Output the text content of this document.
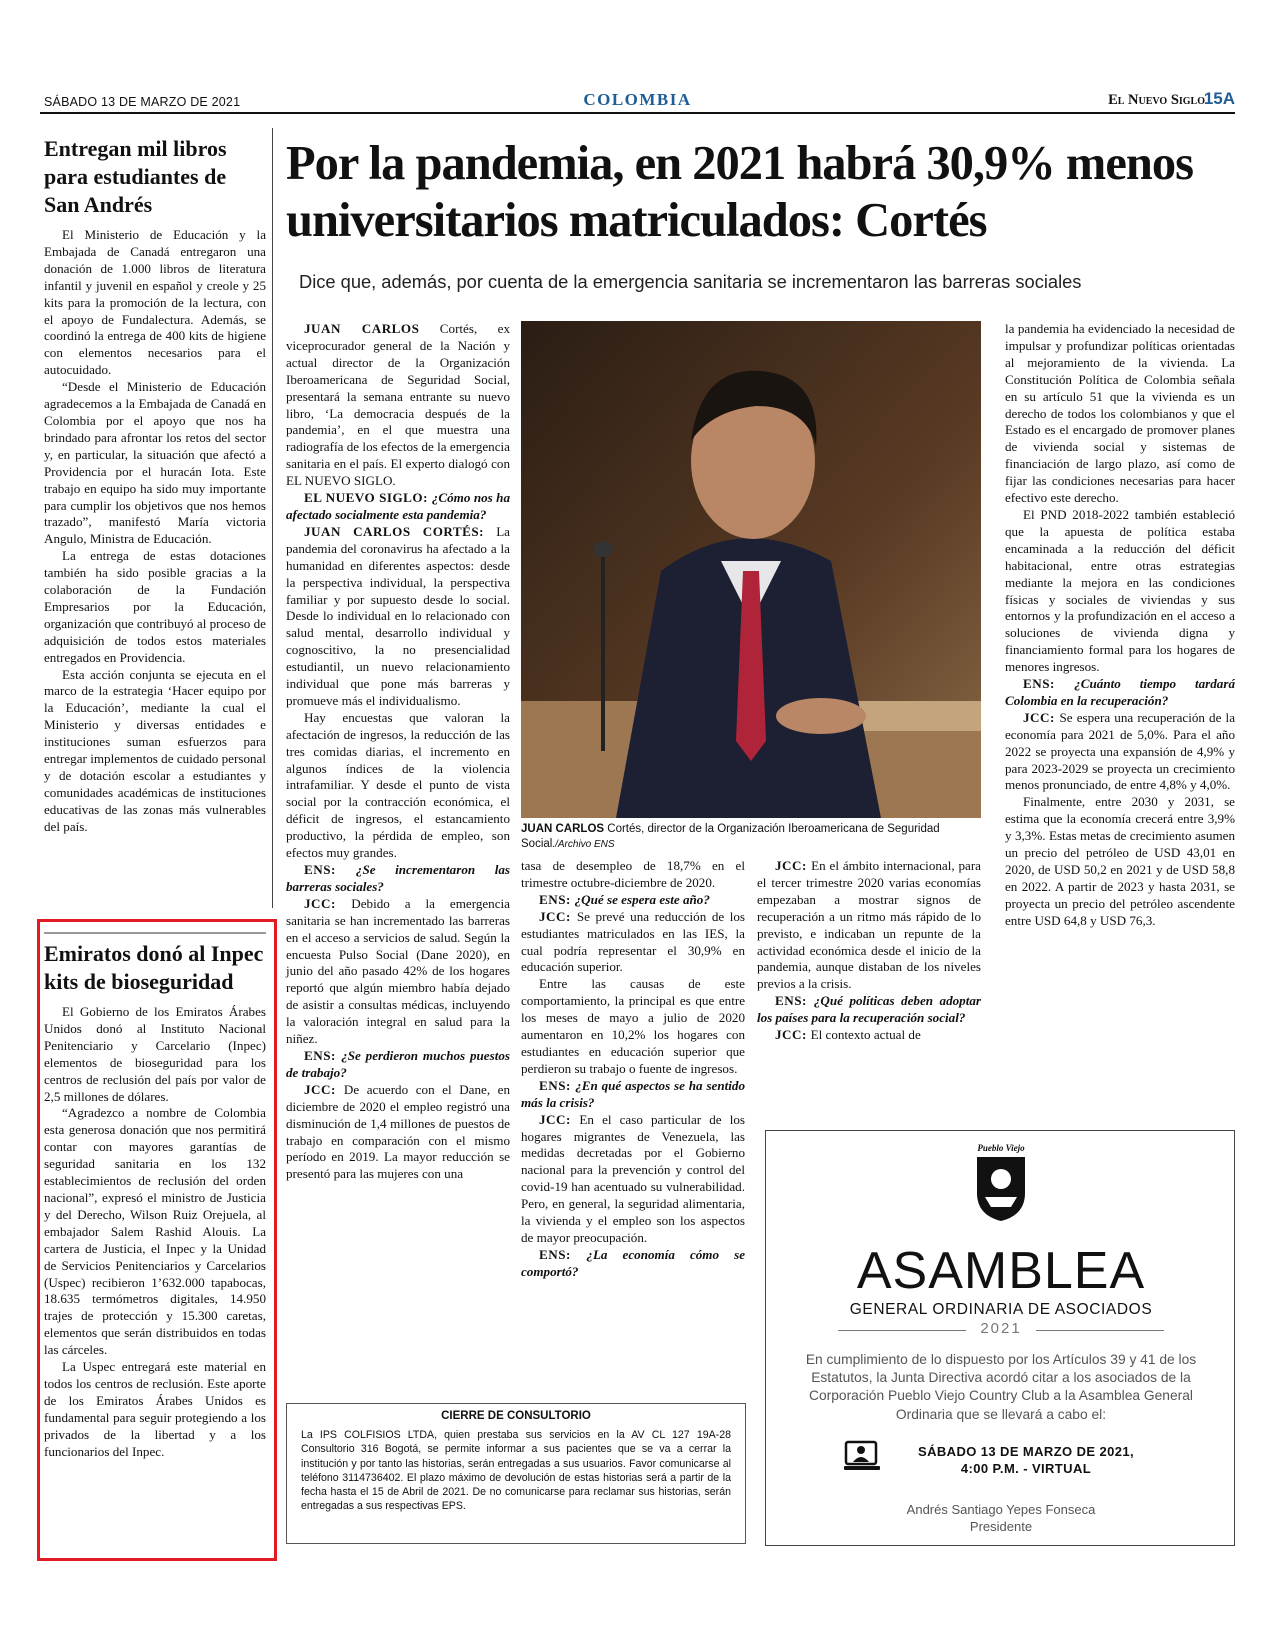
SÁBADO 13 DE MARZO DE 2021	COLOMBIA	El Nuevo Siglo
15A
Entregan mil libros para estudiantes de San Andrés

El Ministerio de Educación y la Embajada de Canadá entregaron una donación de 1.000 libros de literatura infantil y juvenil en español y creole y 25 kits para la promoción de la lectura, con el apoyo de Fundalectura. Además, se coordinó la entrega de 400 kits de higiene con elementos necesarios para el autocuidado.

“Desde el Ministerio de Educación agradecemos a la Embajada de Canadá en Colombia por el apoyo que nos ha brindado para afrontar los retos del sector y, en particular, la situación que afectó a Providencia por el huracán Iota. Este trabajo en equipo ha sido muy importante para cumplir los objetivos que nos hemos trazado”, manifestó María victoria Angulo, Ministra de Educación.

La entrega de estas dotaciones también ha sido posible gracias a la colaboración de la Fundación Empresarios por la Educación, organización que contribuyó al proceso de adquisición de todos estos materiales entregados en Providencia.

Esta acción conjunta se ejecuta en el marco de la estrategia ‘Hacer equipo por la Educación’, mediante la cual el Ministerio y diversas entidades e instituciones suman esfuerzos para entregar implementos de cuidado personal y de dotación escolar a estudiantes y comunidades académicas de instituciones educativas de las zonas más vulnerables del país.

Emiratos donó al Inpec kits de bioseguridad

El Gobierno de los Emiratos Árabes Unidos donó al Instituto Nacional Penitenciario y Carcelario (Inpec) elementos de bioseguridad para los centros de reclusión del país por valor de 2,5 millones de dólares.

“Agradezco a nombre de Colombia esta generosa donación que nos permitirá contar con mayores garantías de seguridad sanitaria en los 132 establecimientos de reclusión del orden nacional”, expresó el ministro de Justicia y del Derecho, Wilson Ruiz Orejuela, al embajador Salem Rashid Alouis. La cartera de Justicia, el Inpec y la Unidad de Servicios Penitenciarios y Carcelarios (Uspec) recibieron 1’632.000 tapabocas, 18.635 termómetros digitales, 14.950 trajes de protección y 15.300 caretas, elementos que serán distribuidos en todas las cárceles.

La Uspec entregará este material en todos los centros de reclusión. Este aporte de los Emiratos Árabes Unidos es fundamental para seguir protegiendo a los privados de la libertad y a los funcionarios del Inpec.

Por la pandemia, en 2021 habrá 30,9% menos universitarios matriculados: Cortés
Dice que, además, por cuenta de la emergencia sanitaria se incrementaron las barreras sociales

JUAN CARLOS Cortés, ex viceprocurador general de la Nación y actual director de la Organización Iberoamericana de Seguridad Social, presentará la semana entrante su nuevo libro, ‘La democracia después de la pandemia’, en el que muestra una radiografía de los efectos de la emergencia sanitaria en el país. El experto dialogó con EL NUEVO SIGLO.

EL NUEVO SIGLO: ¿Cómo nos ha afectado socialmente esta pandemia?

JUAN CARLOS CORTÉS: La pandemia del coronavirus ha afectado a la humanidad en diferentes aspectos: desde la perspectiva individual, la perspectiva familiar y por supuesto desde lo social. Desde lo individual en lo relacionado con salud mental, desarrollo individual y cognoscitivo, la no presencialidad estudiantil, un nuevo relacionamiento individual que pone más barreras y promueve más el individualismo.

Hay encuestas que valoran la afectación de ingresos, la reducción de las tres comidas diarias, el incremento en algunos índices de la violencia intrafamiliar. Y desde el punto de vista social por la contracción económica, el déficit de ingresos, el estancamiento productivo, la pérdida de empleo, son efectos muy grandes.

ENS: ¿Se incrementaron las barreras sociales?

JCC: Debido a la emergencia sanitaria se han incrementado las barreras en el acceso a servicios de salud. Según la encuesta Pulso Social (Dane 2020), en junio del año pasado 42% de los hogares reportó que algún miembro había dejado de asistir a consultas médicas, incluyendo la valoración integral en salud para la niñez.

ENS: ¿Se perdieron muchos puestos de trabajo?

JCC: De acuerdo con el Dane, en diciembre de 2020 el empleo registró una disminución de 1,4 millones de puestos de trabajo en comparación con el mismo período en 2019. La mayor reducción se presentó para las mujeres con una

JUAN CARLOS Cortés, director de la Organización Iberoamericana de Seguridad Social./Archivo ENS

tasa de desempleo de 18,7% en el trimestre octubre-diciembre de 2020.

ENS: ¿Qué se espera este año?

JCC: Se prevé una reducción de los estudiantes matriculados en las IES, la cual podría representar el 30,9% en educación superior.

Entre las causas de este comportamiento, la principal es que entre los meses de mayo a julio de 2020 aumentaron en 10,2% los hogares con estudiantes en educación superior que perdieron su trabajo o fuente de ingresos.

ENS: ¿En qué aspectos se ha sentido más la crisis?

JCC: En el caso particular de los hogares migrantes de Venezuela, las medidas decretadas por el Gobierno nacional para la prevención y control del covid-19 han acentuado su vulnerabilidad. Pero, en general, la seguridad alimentaria, la vivienda y el empleo son los aspectos de mayor preocupación.

ENS: ¿La economía cómo se comportó?

JCC: En el ámbito internacional, para el tercer trimestre 2020 varias economías empezaban a mostrar signos de recuperación a un ritmo más rápido de lo previsto, e indicaban un repunte de la actividad económica desde el inicio de la pandemia, aunque distaban de los niveles previos a la crisis.

ENS: ¿Qué políticas deben adoptar los países para la recuperación social?

JCC: El contexto actual de

la pandemia ha evidenciado la necesidad de impulsar y profundizar políticas orientadas al mejoramiento de la vivienda. La Constitución Política de Colombia señala en su artículo 51 que la vivienda es un derecho de todos los colombianos y que el Estado es el encargado de promover planes de vivienda social y sistemas de financiación de largo plazo, así como de fijar las condiciones necesarias para hacer efectivo este derecho.

El PND 2018-2022 también estableció que la apuesta de política estaba encaminada a la reducción del déficit habitacional, entre otras estrategias mediante la mejora en las condiciones físicas y sociales de viviendas y sus entornos y la profundización en el acceso a soluciones de vivienda digna y financiamiento formal para los hogares de menores ingresos.

ENS: ¿Cuánto tiempo tardará Colombia en la recuperación?

JCC: Se espera una recuperación de la economía para 2021 de 5,0%. Para el año 2022 se proyecta una expansión de 4,9% y para 2023-2029 se proyecta un crecimiento menos pronunciado, de entre 4,8% y 4,0%.

Finalmente, entre 2030 y 2031, se estima que la economía crecerá entre 3,9% y 3,3%. Estas metas de crecimiento asumen un precio del petróleo de USD 43,01 en 2020, de USD 50,2 en 2021 y de USD 58,8 en 2022. A partir de 2023 y hasta 2031, se proyecta un precio del petróleo ascendente entre USD 64,8 y USD 76,3.

CIERRE DE CONSULTORIO

La IPS COLFISIOS LTDA, quien prestaba sus servicios en la AV CL 127 19A-28 Consultorio 316 Bogotá, se permite informar a sus pacientes que se va a cerrar la institución y por tanto las historias, serán entregadas a sus usuarios. Favor comunicarse al teléfono 3114736402. El plazo máximo de devolución de estas historias será a partir de la fecha hasta el 15 de Abril de 2021. De no comunicarse para reclamar sus historias, serán entregadas a sus respectivas EPS.

Pueblo Viejo
ASAMBLEA
GENERAL ORDINARIA DE ASOCIADOS
2021
En cumplimiento de lo dispuesto por los Artículos 39 y 41 de los Estatutos, la Junta Directiva acordó citar a los asociados de la Corporación Pueblo Viejo Country Club a la Asamblea General Ordinaria que se llevará a cabo el:
SÁBADO 13 DE MARZO DE 2021,
4:00 P.M. - VIRTUAL
Andrés Santiago Yepes Fonseca
Presidente
